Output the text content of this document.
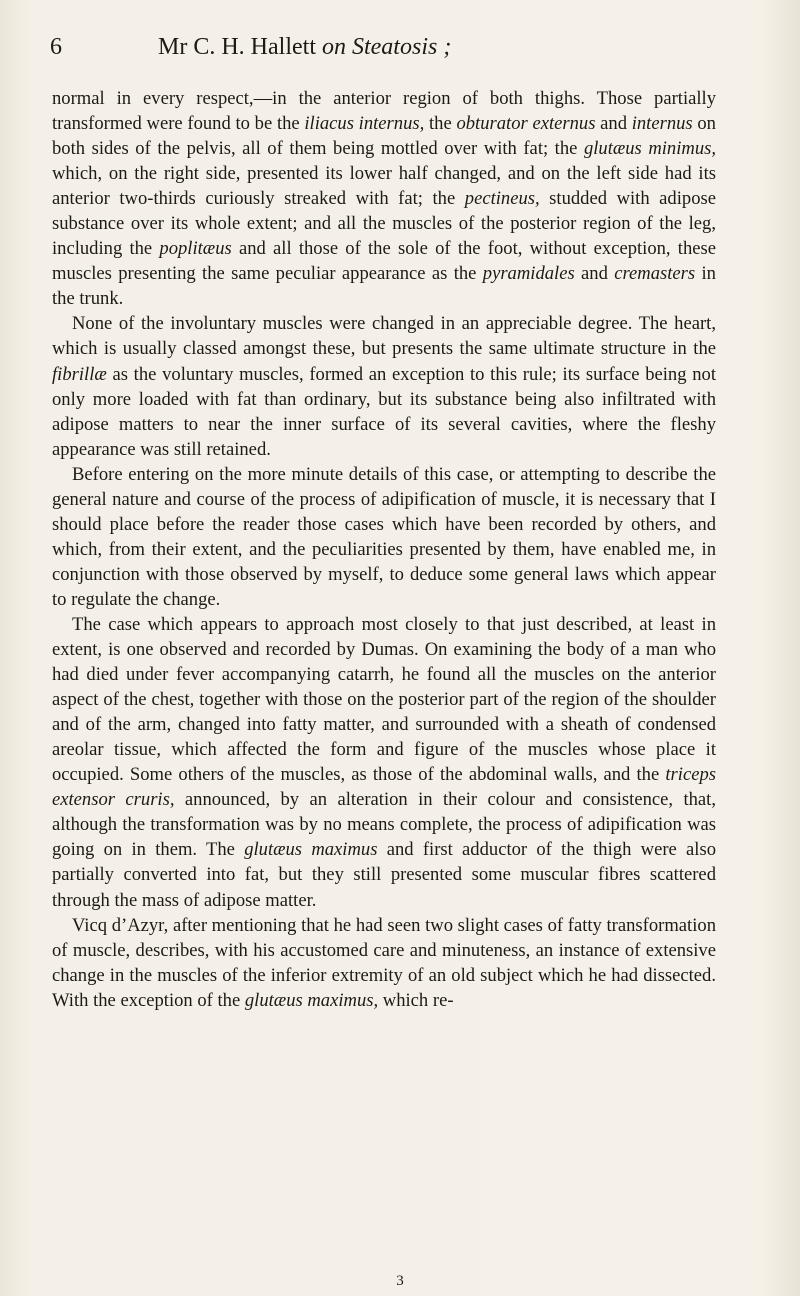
6	Mr C. H. Hallett on Steatosis ;

normal in every respect,—in the anterior region of both thighs. Those partially transformed were found to be the iliacus internus, the obturator externus and internus on both sides of the pelvis, all of them being mottled over with fat; the glutæus minimus, which, on the right side, presented its lower half changed, and on the left side had its anterior two-thirds curiously streaked with fat; the pectineus, studded with adipose substance over its whole extent; and all the muscles of the posterior region of the leg, including the poplitæus and all those of the sole of the foot, without exception, these muscles presenting the same peculiar appearance as the pyramidales and cremasters in the trunk.

None of the involuntary muscles were changed in an appreciable degree. The heart, which is usually classed amongst these, but presents the same ultimate structure in the fibrillæ as the voluntary muscles, formed an exception to this rule; its surface being not only more loaded with fat than ordinary, but its substance being also infiltrated with adipose matters to near the inner surface of its several cavities, where the fleshy appearance was still retained.

Before entering on the more minute details of this case, or attempting to describe the general nature and course of the process of adipification of muscle, it is necessary that I should place before the reader those cases which have been recorded by others, and which, from their extent, and the peculiarities presented by them, have enabled me, in conjunction with those observed by myself, to deduce some general laws which appear to regulate the change.

The case which appears to approach most closely to that just described, at least in extent, is one observed and recorded by Dumas. On examining the body of a man who had died under fever accompanying catarrh, he found all the muscles on the anterior aspect of the chest, together with those on the posterior part of the region of the shoulder and of the arm, changed into fatty matter, and surrounded with a sheath of condensed areolar tissue, which affected the form and figure of the muscles whose place it occupied. Some others of the muscles, as those of the abdominal walls, and the triceps extensor cruris, announced, by an alteration in their colour and consistence, that, although the transformation was by no means complete, the process of adipification was going on in them. The glutæus maximus and first adductor of the thigh were also partially converted into fat, but they still presented some muscular fibres scattered through the mass of adipose matter.

Vicq d’Azyr, after mentioning that he had seen two slight cases of fatty transformation of muscle, describes, with his accustomed care and minuteness, an instance of extensive change in the muscles of the inferior extremity of an old subject which he had dissected. With the exception of the glutæus maximus, which re-

3
